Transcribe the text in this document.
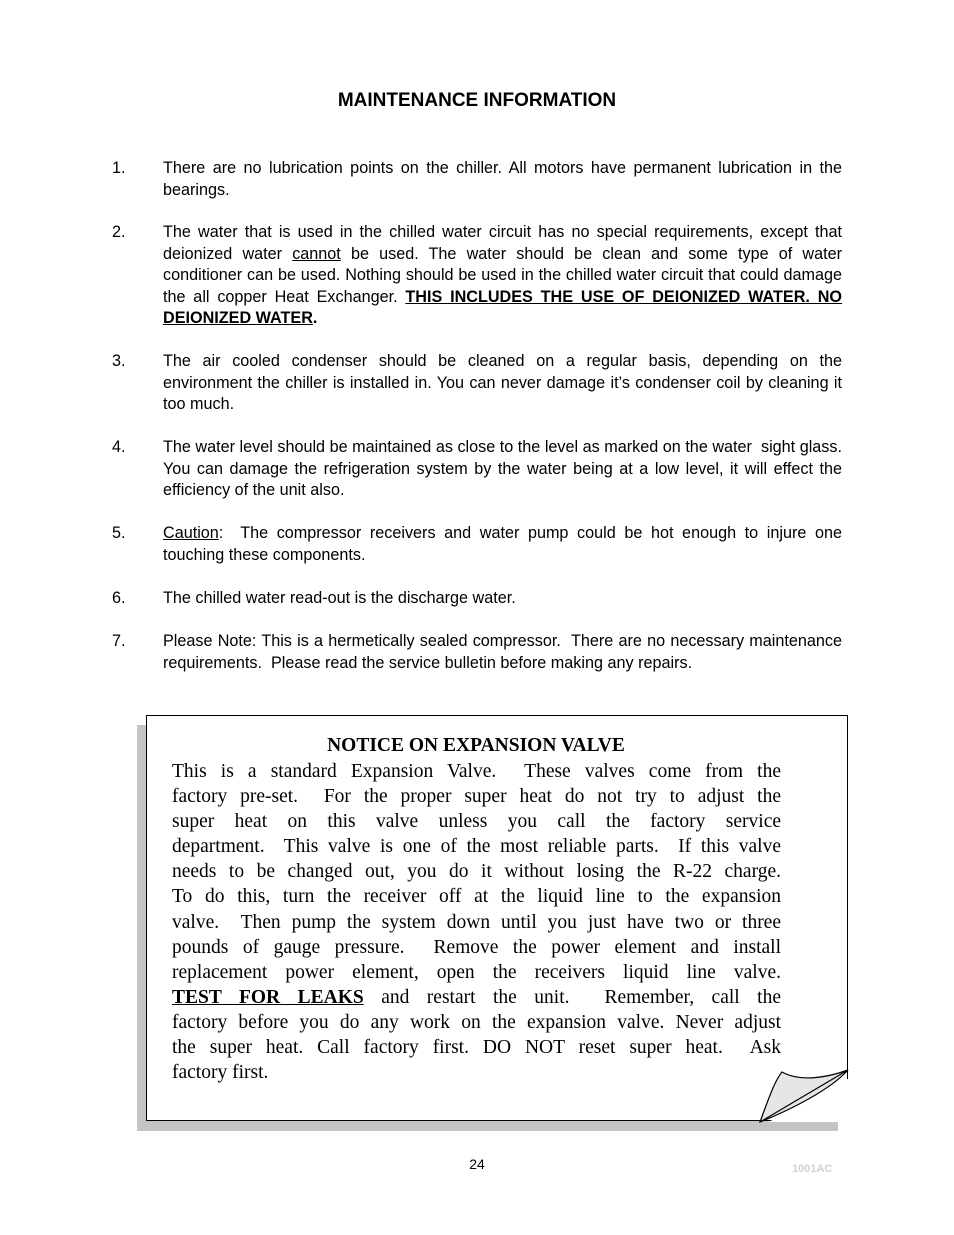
MAINTENANCE INFORMATION
1. There are no lubrication points on the chiller. All motors have permanent lubrication in the bearings.
2. The water that is used in the chilled water circuit has no special requirements, except that deionized water cannot be used. The water should be clean and some type of water conditioner can be used. Nothing should be used in the chilled water circuit that could damage the all copper Heat Exchanger. THIS INCLUDES THE USE OF DEIONIZED WATER. NO DEIONIZED WATER.
3. The air cooled condenser should be cleaned on a regular basis, depending on the  environment the chiller is installed in. You can never damage it’s condenser coil by cleaning it too much.
4. The water level should be maintained as close to the level as marked on the water  sight glass. You can damage the refrigeration system by the water being at a low level, it will effect the efficiency of the unit also.
5. Caution:  The compressor receivers and water pump could be hot enough to injure one touching these components.
6. The chilled water read-out is the discharge water.
7. Please Note: This is a hermetically sealed compressor.  There are no necessary maintenance requirements.  Please read the service bulletin before making any repairs.
NOTICE ON EXPANSION VALVE
This is a standard Expansion Valve.  These valves come from the
factory pre-set.  For the proper super heat do not try to adjust the
super heat on this valve unless you call the factory service
department.  This valve is one of the most reliable parts.  If this valve
needs to be changed out, you do it without losing the R-22 charge.
To do this, turn the receiver off at the liquid line to the expansion
valve.  Then pump the system down until you just have two or three
pounds of gauge pressure.  Remove the power element and install
replacement power element, open the receivers liquid line valve.
TEST FOR LEAKS and restart the unit.  Remember, call the
factory before you do any work on the expansion valve. Never adjust
the super heat. Call factory first. DO NOT reset super heat.  Ask
factory first.
24	1001AC
